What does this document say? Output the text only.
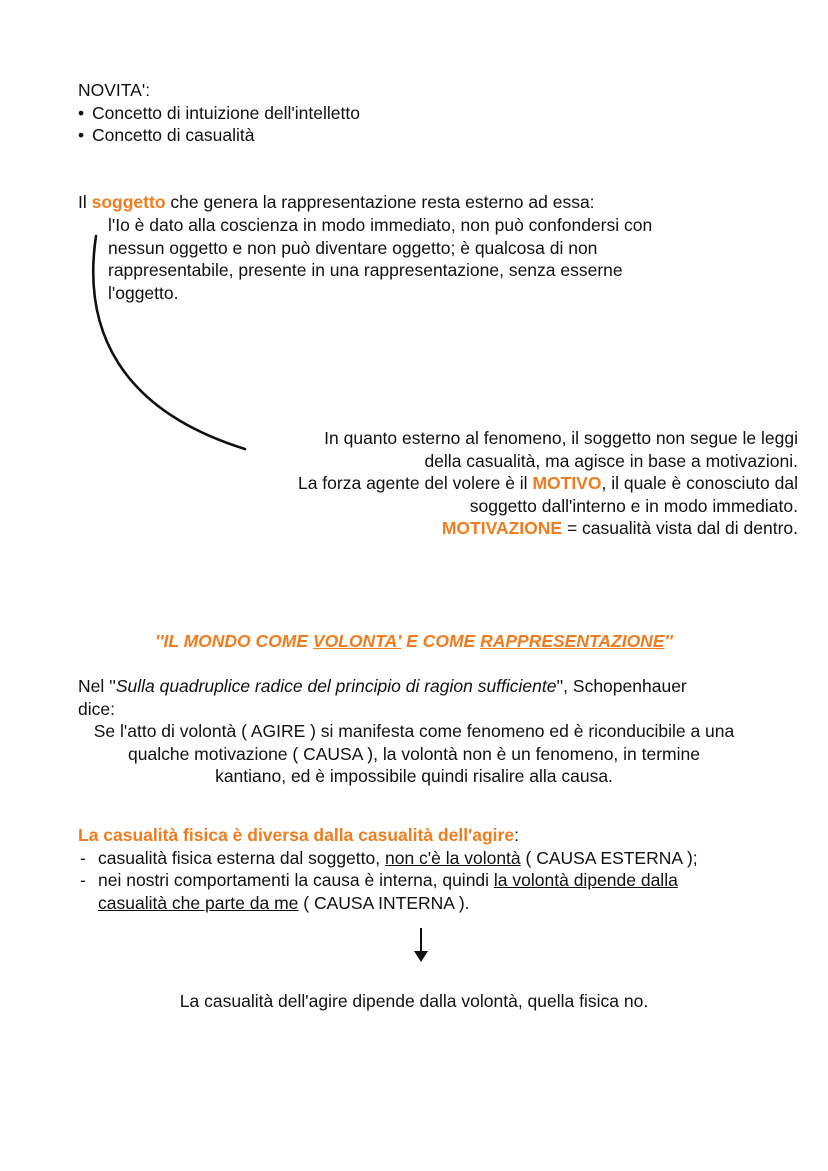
NOVITA':
• Concetto di intuizione dell'intelletto
• Concetto di casualità
Il soggetto che genera la rappresentazione resta esterno ad essa:
l'Io è dato alla coscienza in modo immediato, non può confondersi con
nessun oggetto e non può diventare oggetto; è qualcosa di non
rappresentabile, presente in una rappresentazione, senza esserne
l'oggetto.
In quanto esterno al fenomeno, il soggetto non segue le leggi
della casualità, ma agisce in base a motivazioni.
La forza agente del volere è il MOTIVO, il quale è conosciuto dal
soggetto dall'interno e in modo immediato.
MOTIVAZIONE = casualità vista dal di dentro.
''IL MONDO COME VOLONTA' E COME RAPPRESENTAZIONE''
Nel ''Sulla quadruplice radice del principio di ragion sufficiente'', Schopenhauer
dice:
Se l'atto di volontà ( AGIRE ) si manifesta come fenomeno ed è riconducibile a una
qualche motivazione ( CAUSA ), la volontà non è un fenomeno, in termine
kantiano, ed è impossibile quindi risalire alla causa.
La casualità fisica è diversa dalla casualità dell'agire:
- casualità fisica esterna dal soggetto, non c'è la volontà ( CAUSA ESTERNA );
- nei nostri comportamenti la causa è interna, quindi la volontà dipende dalla
casualità che parte da me ( CAUSA INTERNA ).
La casualità dell'agire dipende dalla volontà, quella fisica no.
